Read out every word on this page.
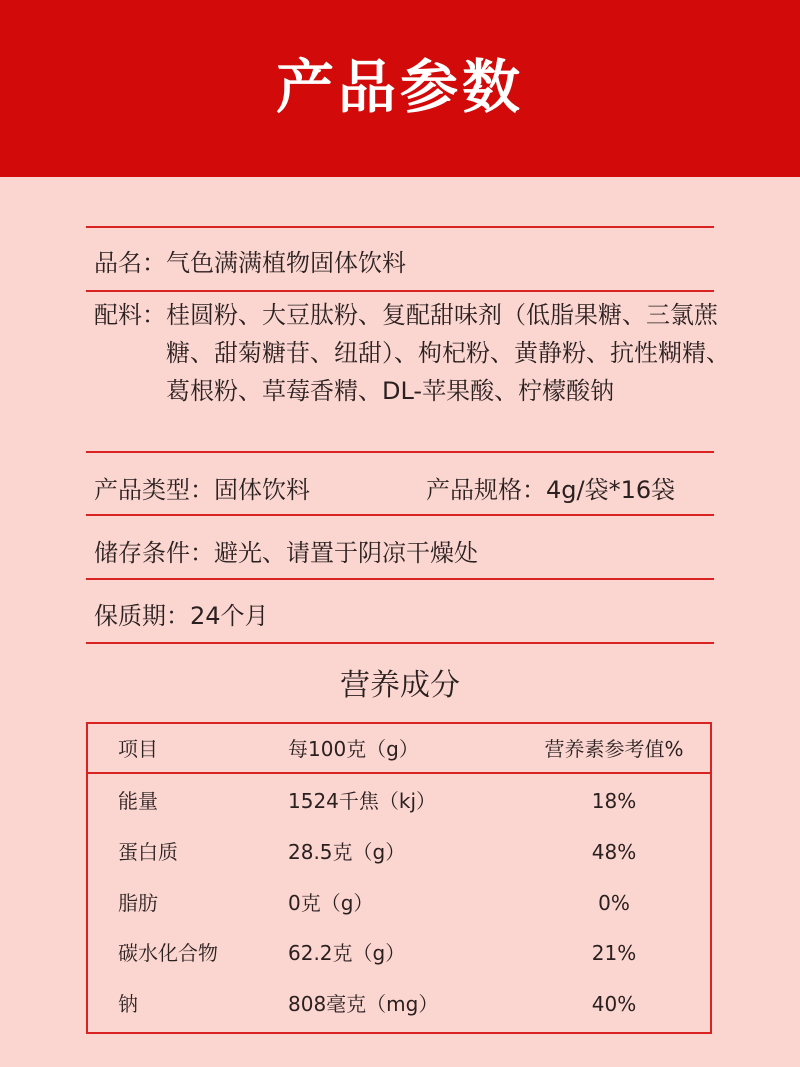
产品参数
品名： 气色满满植物固体饮料
配料： 桂圆粉、大豆肽粉、复配甜味剂（低脂果糖、三氯蔗糖、甜菊糖苷、纽甜）、枸杞粉、黄静粉、抗性糊精、葛根粉、草莓香精、DL-苹果酸、柠檬酸钠
产品类型：固体饮料	产品规格：4g/袋*16袋
储存条件： 避光、请置于阴凉干燥处
保质期： 24个月
营养成分
项目	每100克（g）	营养素参考值%
能量	1524千焦（kj）	18%
蛋白质	28.5克（g）	48%
脂肪	0克（g）	0%
碳水化合物	62.2克（g）	21%
钠	808毫克（mg）	40%
